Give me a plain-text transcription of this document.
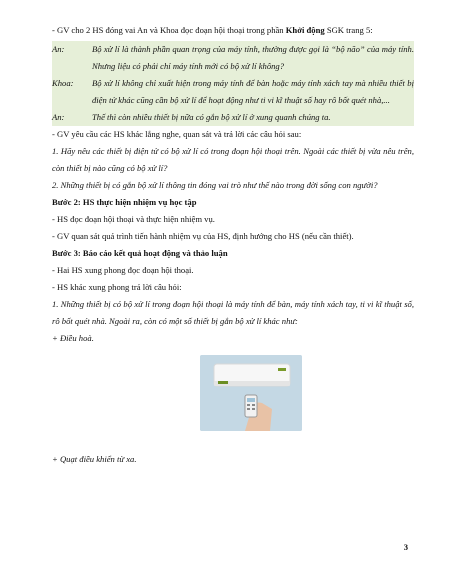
- GV cho 2 HS đóng vai An và Khoa đọc đoạn hội thoại trong phần Khởi động SGK trang 5:

An:	Bộ xử lí là thành phần quan trọng của máy tính, thường được gọi là “bộ não” của máy tính. Nhưng liệu có phải chỉ máy tính mới có bộ xử lí không?
Khoa:	Bộ xử lí không chỉ xuất hiện trong máy tính để bàn hoặc máy tính xách tay mà nhiều thiết bị điện tử khác cũng cần bộ xử lí để hoạt động như ti vi kĩ thuật số hay rô bốt quét nhà,...
An:	Thế thì còn nhiều thiết bị nữa có gắn bộ xử lí ở xung quanh chúng ta.

- GV yêu cầu các HS khác lắng nghe, quan sát và trả lời các câu hỏi sau:

1. Hãy nêu các thiết bị điện tử có bộ xử lí có trong đoạn hội thoại trên. Ngoài các thiết bị vừa nêu trên, còn thiết bị nào cũng có bộ xử lí?

2. Những thiết bị có gắn bộ xử lí thông tin đóng vai trò như thế nào trong đời sống con người?

Bước 2: HS thực hiện nhiệm vụ học tập

- HS đọc đoạn hội thoại và thực hiện nhiệm vụ.

- GV quan sát quá trình tiến hành nhiệm vụ của HS, định hướng cho HS (nếu cần thiết).

Bước 3: Báo cáo kết quả hoạt động và thảo luận

- Hai HS xung phong đọc đoạn hội thoại.

- HS khác xung phong trả lời câu hỏi:

1. Những thiết bị có bộ xử lí trong đoạn hội thoại là máy tính để bàn, máy tính xách tay, ti vi kĩ thuật số, rô bốt quét nhà. Ngoài ra, còn có một số thiết bị gắn bộ xử lí khác như:

+ Điều hoà.

+ Quạt điều khiển từ xa.

3
